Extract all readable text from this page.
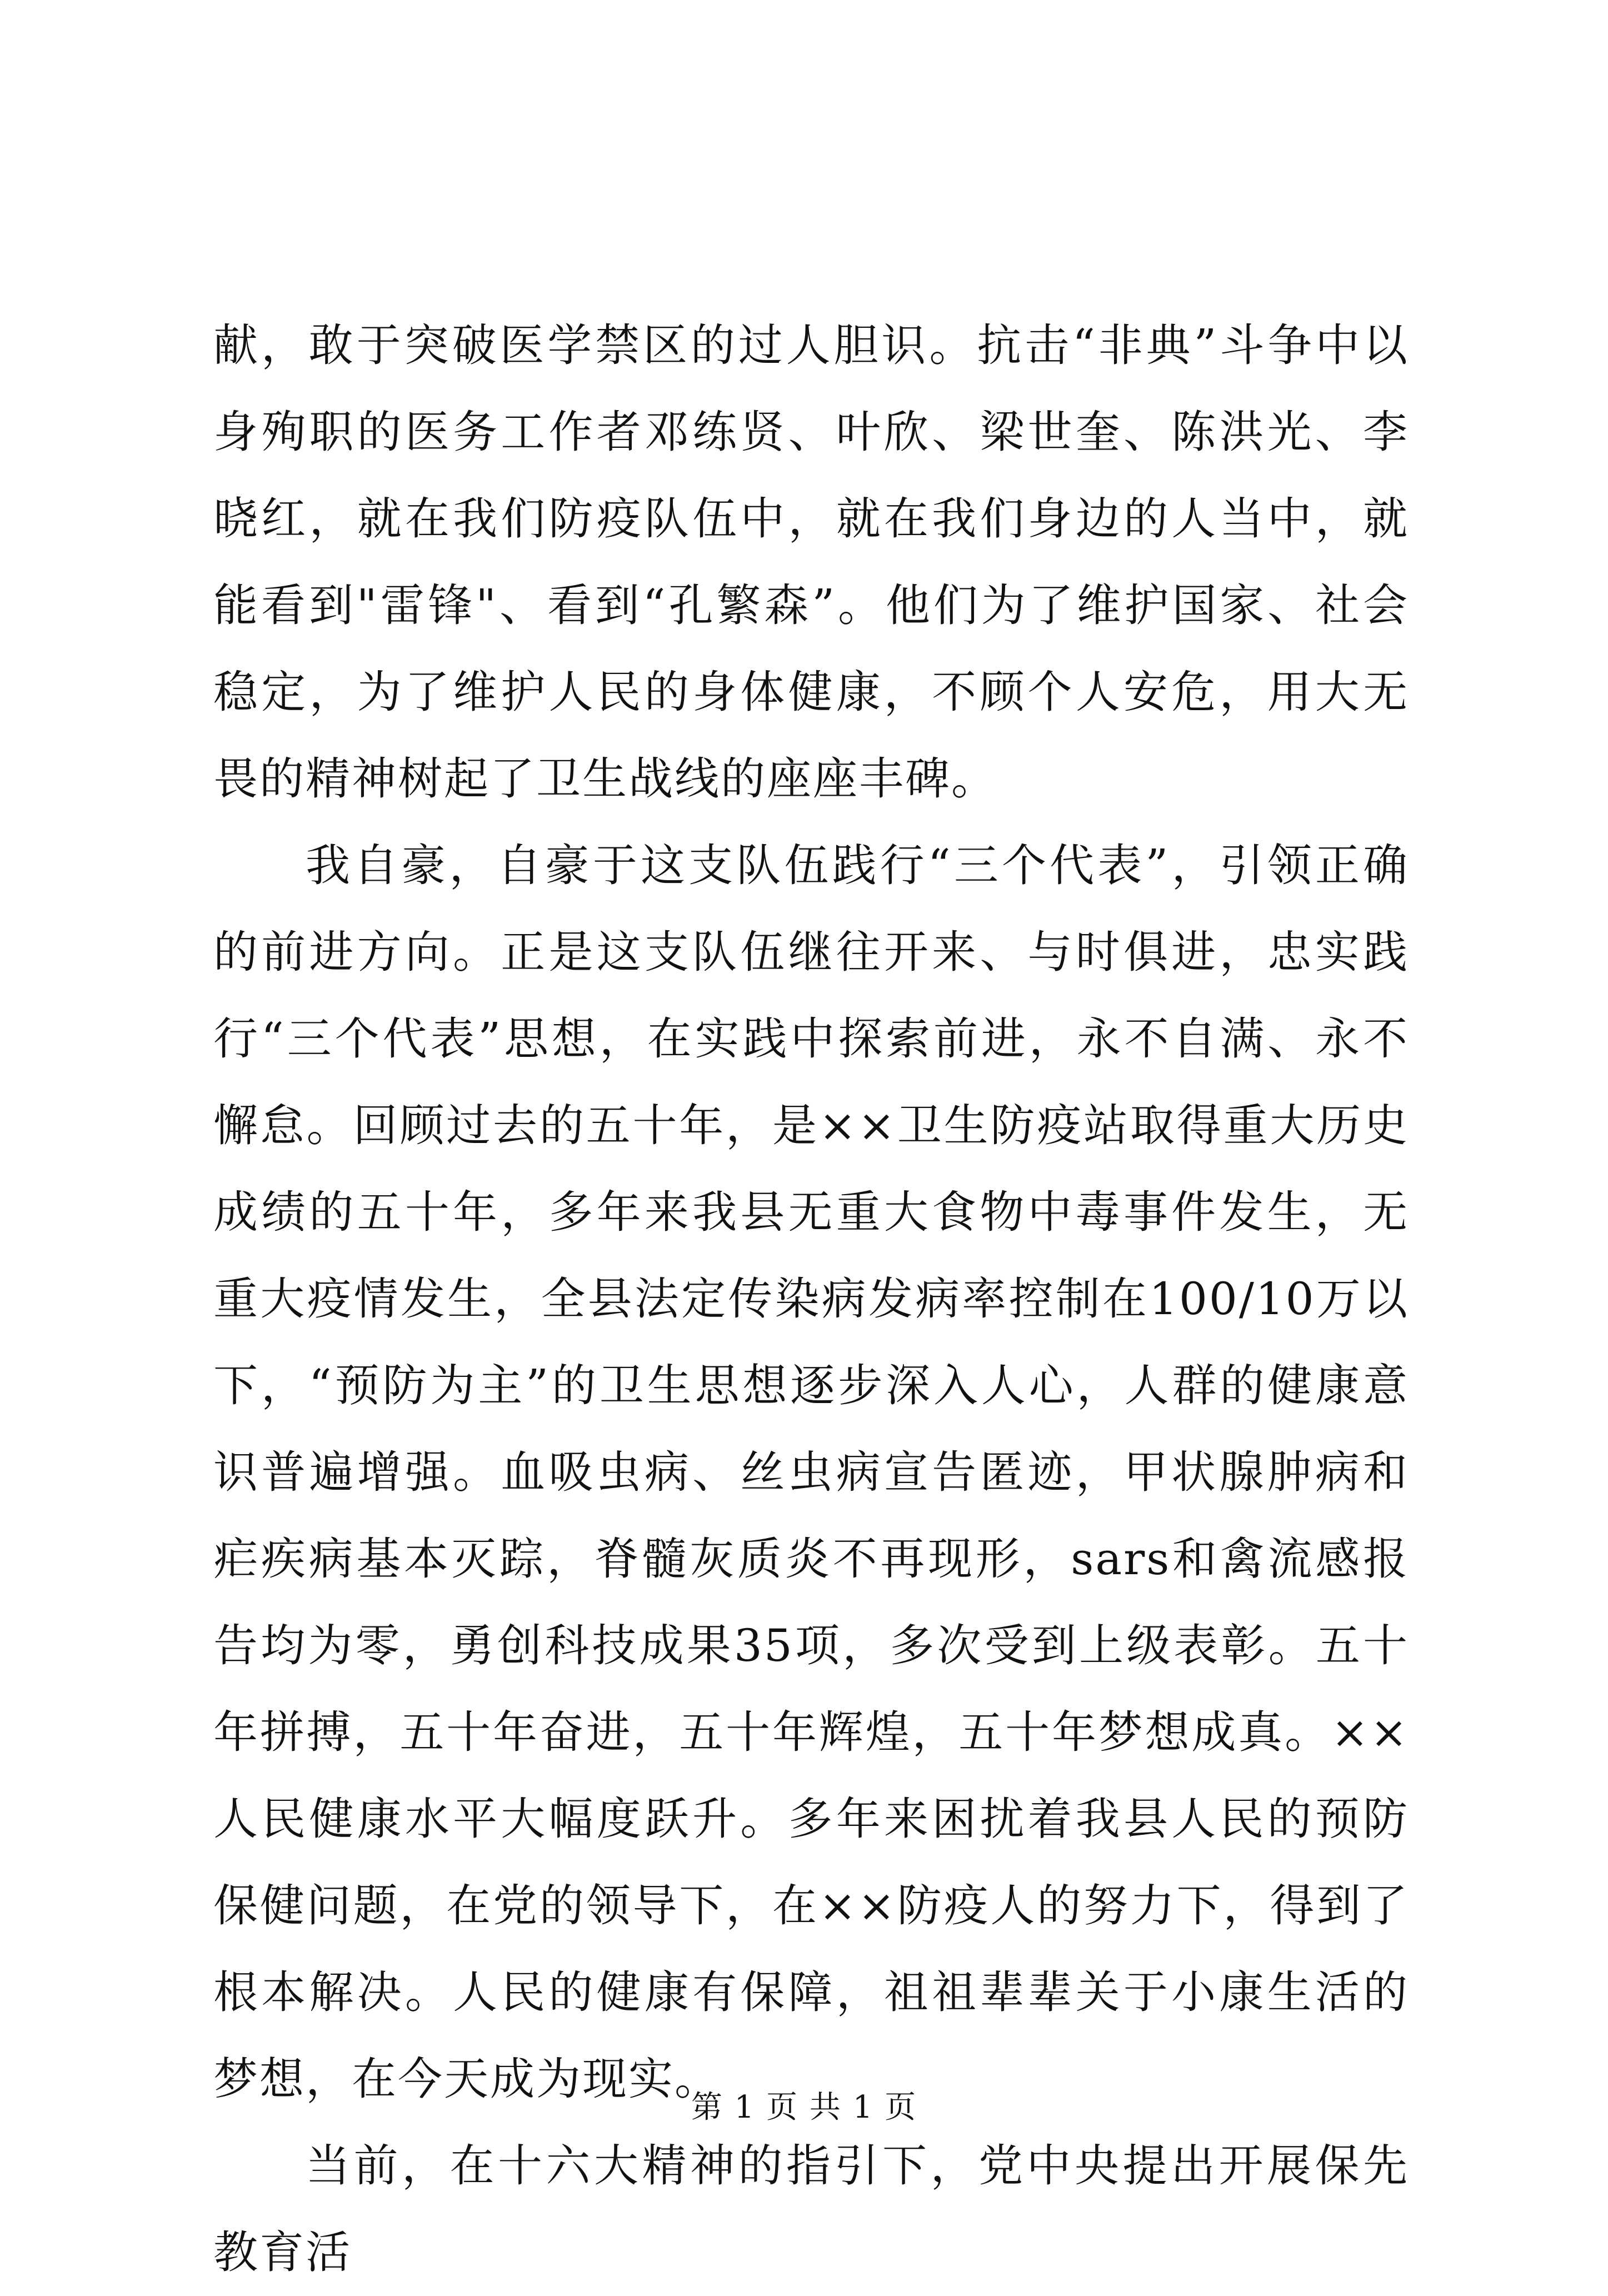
献，敢于突破医学禁区的过人胆识。抗击“非典”斗争中以身殉职的医务工作者邓练贤、叶欣、梁世奎、陈洪光、李晓红，就在我们防疫队伍中，就在我们身边的人当中，就能看到"雷锋"、看到“孔繁森”。他们为了维护国家、社会稳定，为了维护人民的身体健康，不顾个人安危，用大无畏的精神树起了卫生战线的座座丰碑。

我自豪，自豪于这支队伍践行“三个代表”，引领正确的前进方向。正是这支队伍继往开来、与时俱进，忠实践行“三个代表”思想，在实践中探索前进，永不自满、永不懈怠。回顾过去的五十年，是××卫生防疫站取得重大历史成绩的五十年，多年来我县无重大食物中毒事件发生，无重大疫情发生，全县法定传染病发病率控制在100/10万以下，“预防为主”的卫生思想逐步深入人心，人群的健康意识普遍增强。血吸虫病、丝虫病宣告匿迹，甲状腺肿病和疟疾病基本灭踪，脊髓灰质炎不再现形，sars和禽流感报告均为零，勇创科技成果35项，多次受到上级表彰。五十年拼搏，五十年奋进，五十年辉煌，五十年梦想成真。××人民健康水平大幅度跃升。多年来困扰着我县人民的预防保健问题，在党的领导下，在××防疫人的努力下，得到了根本解决。人民的健康有保障，祖祖辈辈关于小康生活的梦想，在今天成为现实。

当前，在十六大精神的指引下，党中央提出开展保先教育活

第 1 页 共 1 页
